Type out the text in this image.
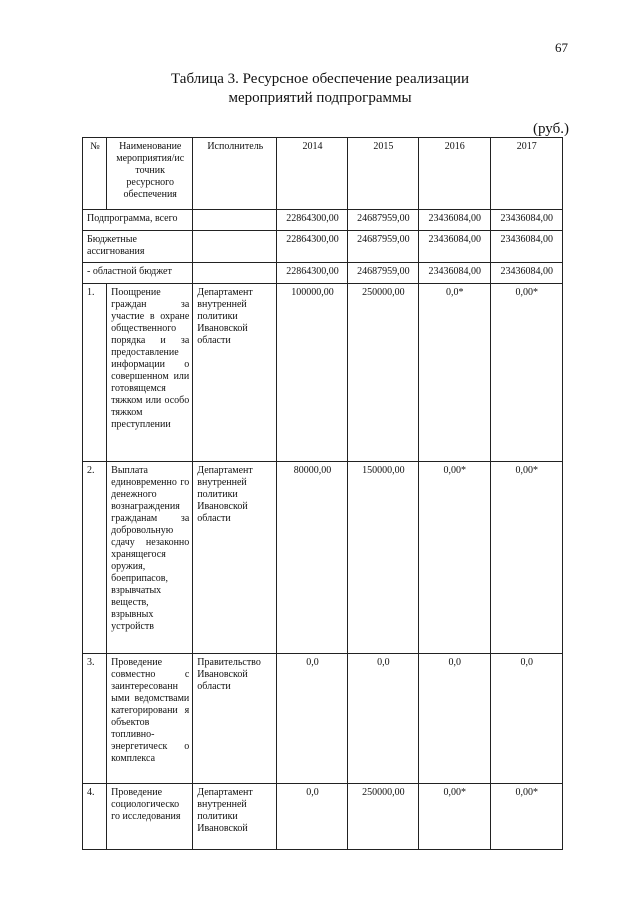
67
Таблица 3. Ресурсное обеспечение реализации
мероприятий подпрограммы
(руб.)
№	Наименование мероприятия/ис точник ресурсного обеспечения	Исполнитель	2014	2015	2016	2017
Подпрограмма, всего			22864300,00	24687959,00	23436084,00	23436084,00
Бюджетные ассигнования			22864300,00	24687959,00	23436084,00	23436084,00
- областной бюджет			22864300,00	24687959,00	23436084,00	23436084,00
1.	Поощрение граждан за участие в охране общественного порядка и за предоставление информации о совершенном или готовящемся тяжком или особо тяжком преступлении	Департамент внутренней политики Ивановской области	100000,00	250000,00	0,0*	0,00*
2.	Выплата единовременно го денежного вознаграждения гражданам за добровольную сдачу незаконно хранящегося оружия, боеприпасов, взрывчатых веществ, взрывных устройств	Департамент внутренней политики Ивановской области	80000,00	150000,00	0,00*	0,00*
3.	Проведение совместно с заинтересованн ыми ведомствами категорировани я объектов топливно-энергетическ о комплекса	Правительство Ивановской области	0,0	0,0	0,0	0,0
4.	Проведение социологическо го исследования	Департамент внутренней политики Ивановской	0,0	250000,00	0,00*	0,00*
